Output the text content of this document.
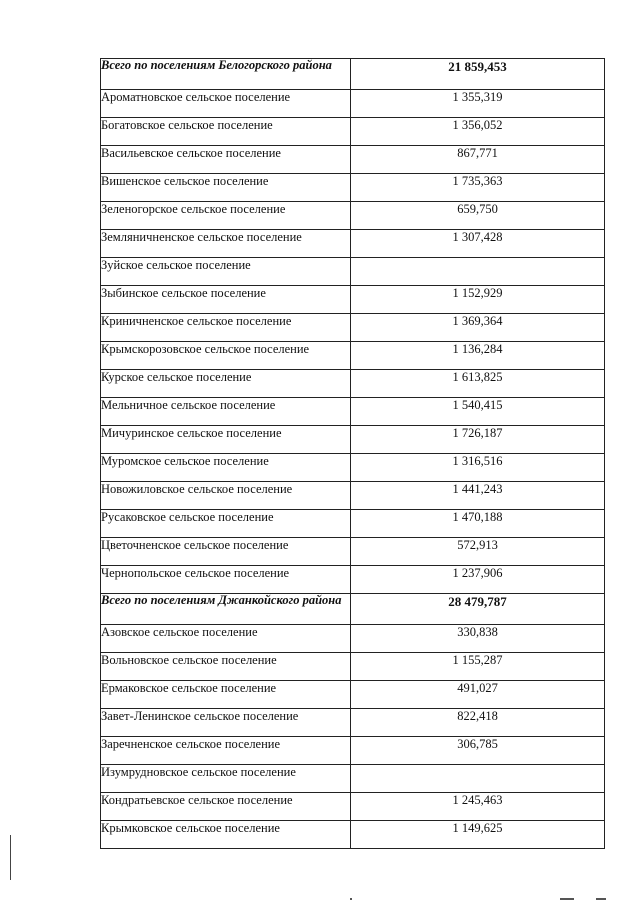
Всего по поселениям Белогорского района	21 859,453
Ароматновское сельское поселение	1 355,319
Богатовское сельское поселение	1 356,052
Васильевское сельское поселение	867,771
Вишенское сельское поселение	1 735,363
Зеленогорское сельское поселение	659,750
Земляничненское сельское поселение	1 307,428
Зуйское сельское поселение	
Зыбинское сельское поселение	1 152,929
Криничненское сельское поселение	1 369,364
Крымскорозовское сельское поселение	1 136,284
Курское сельское поселение	1 613,825
Мельничное сельское поселение	1 540,415
Мичуринское сельское поселение	1 726,187
Муромское сельское поселение	1 316,516
Новожиловское сельское поселение	1 441,243
Русаковское сельское поселение	1 470,188
Цветочненское сельское поселение	572,913
Чернопольское сельское поселение	1 237,906
Всего по поселениям Джанкойского района	28 479,787
Азовское сельское поселение	330,838
Вольновское сельское поселение	1 155,287
Ермаковское сельское поселение	491,027
Завет-Ленинское сельское поселение	822,418
Заречненское сельское поселение	306,785
Изумрудновское сельское поселение	
Кондратьевское сельское поселение	1 245,463
Крымковское сельское поселение	1 149,625
